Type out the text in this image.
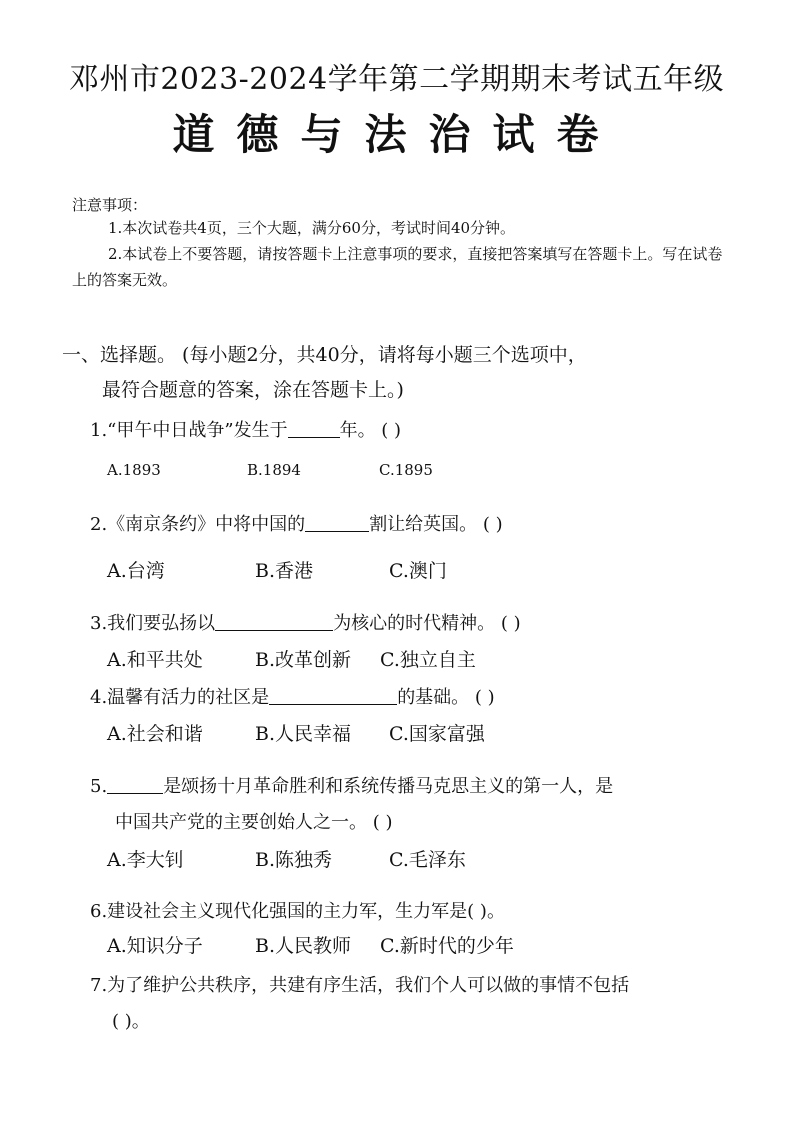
邓州市2023-2024学年第二学期期末考试五年级
道德与法治试卷
注意事项：
1.本次试卷共4页，三个大题，满分60分，考试时间40分钟。
2.本试卷上不要答题，请按答题卡上注意事项的要求，直接把答案填写在答题卡上。写在试卷上的答案无效。
一、选择题。 (每小题2分，共40分，请将每小题三个选项中，
最符合题意的答案，涂在答题卡上。)
1.“甲午中日战争”发生于	年。 ( )
A.1893	B.1894	C.1895
2.《南京条约》中将中国的	割让给英国。 ( )
A.台湾	B.香港	C.澳门
3.我们要弘扬以	为核心的时代精神。 ( )
A.和平共处	B.改革创新 C.独立自主
4.温馨有活力的社区是	的基础。 ( )
A.社会和谐	B.人民幸福 C.国家富强
5.	是颂扬十月革命胜利和系统传播马克思主义的第一人，是
中国共产党的主要创始人之一。 ( )
A.李大钊	B.陈独秀	C.毛泽东
6.建设社会主义现代化强国的主力军，生力军是( )。
A.知识分子	B.人民教师 C.新时代的少年
7.为了维护公共秩序，共建有序生活，我们个人可以做的事情不包括
( )。
